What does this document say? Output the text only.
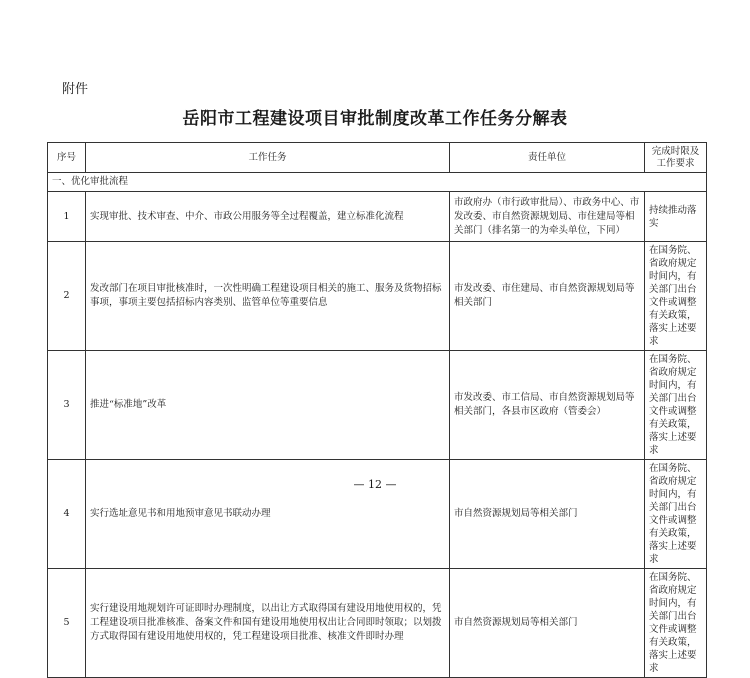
附件
岳阳市工程建设项目审批制度改革工作任务分解表
序号	工作任务	责任单位	完成时限及
工作要求
一、优化审批流程			
1	实现审批、技术审查、中介、市政公用服务等全过程覆盖，建立标准化流程	市政府办（市行政审批局）、市政务中心、市发改委、市自然资源规划局、市住建局等相关部门（排名第一的为牵头单位，下同）	持续推动落实
2	发改部门在项目审批核准时，一次性明确工程建设项目相关的施工、服务及货物招标事项，事项主要包括招标内容类别、监管单位等重要信息	市发改委、市住建局、市自然资源规划局等相关部门	在国务院、省政府规定时间内，有关部门出台文件或调整有关政策，落实上述要求
3	推进“标准地”改革	市发改委、市工信局、市自然资源规划局等相关部门，各县市区政府（管委会）	在国务院、省政府规定时间内，有关部门出台文件或调整有关政策，落实上述要求
4	实行选址意见书和用地预审意见书联动办理	市自然资源规划局等相关部门	在国务院、省政府规定时间内，有关部门出台文件或调整有关政策，落实上述要求
5	实行建设用地规划许可证即时办理制度，以出让方式取得国有建设用地使用权的，凭工程建设项目批准核准、备案文件和国有建设用地使用权出让合同即时领取；以划拨方式取得国有建设用地使用权的，凭工程建设项目批准、核准文件即时办理	市自然资源规划局等相关部门	在国务院、省政府规定时间内，有关部门出台文件或调整有关政策，落实上述要求
— 12 —
